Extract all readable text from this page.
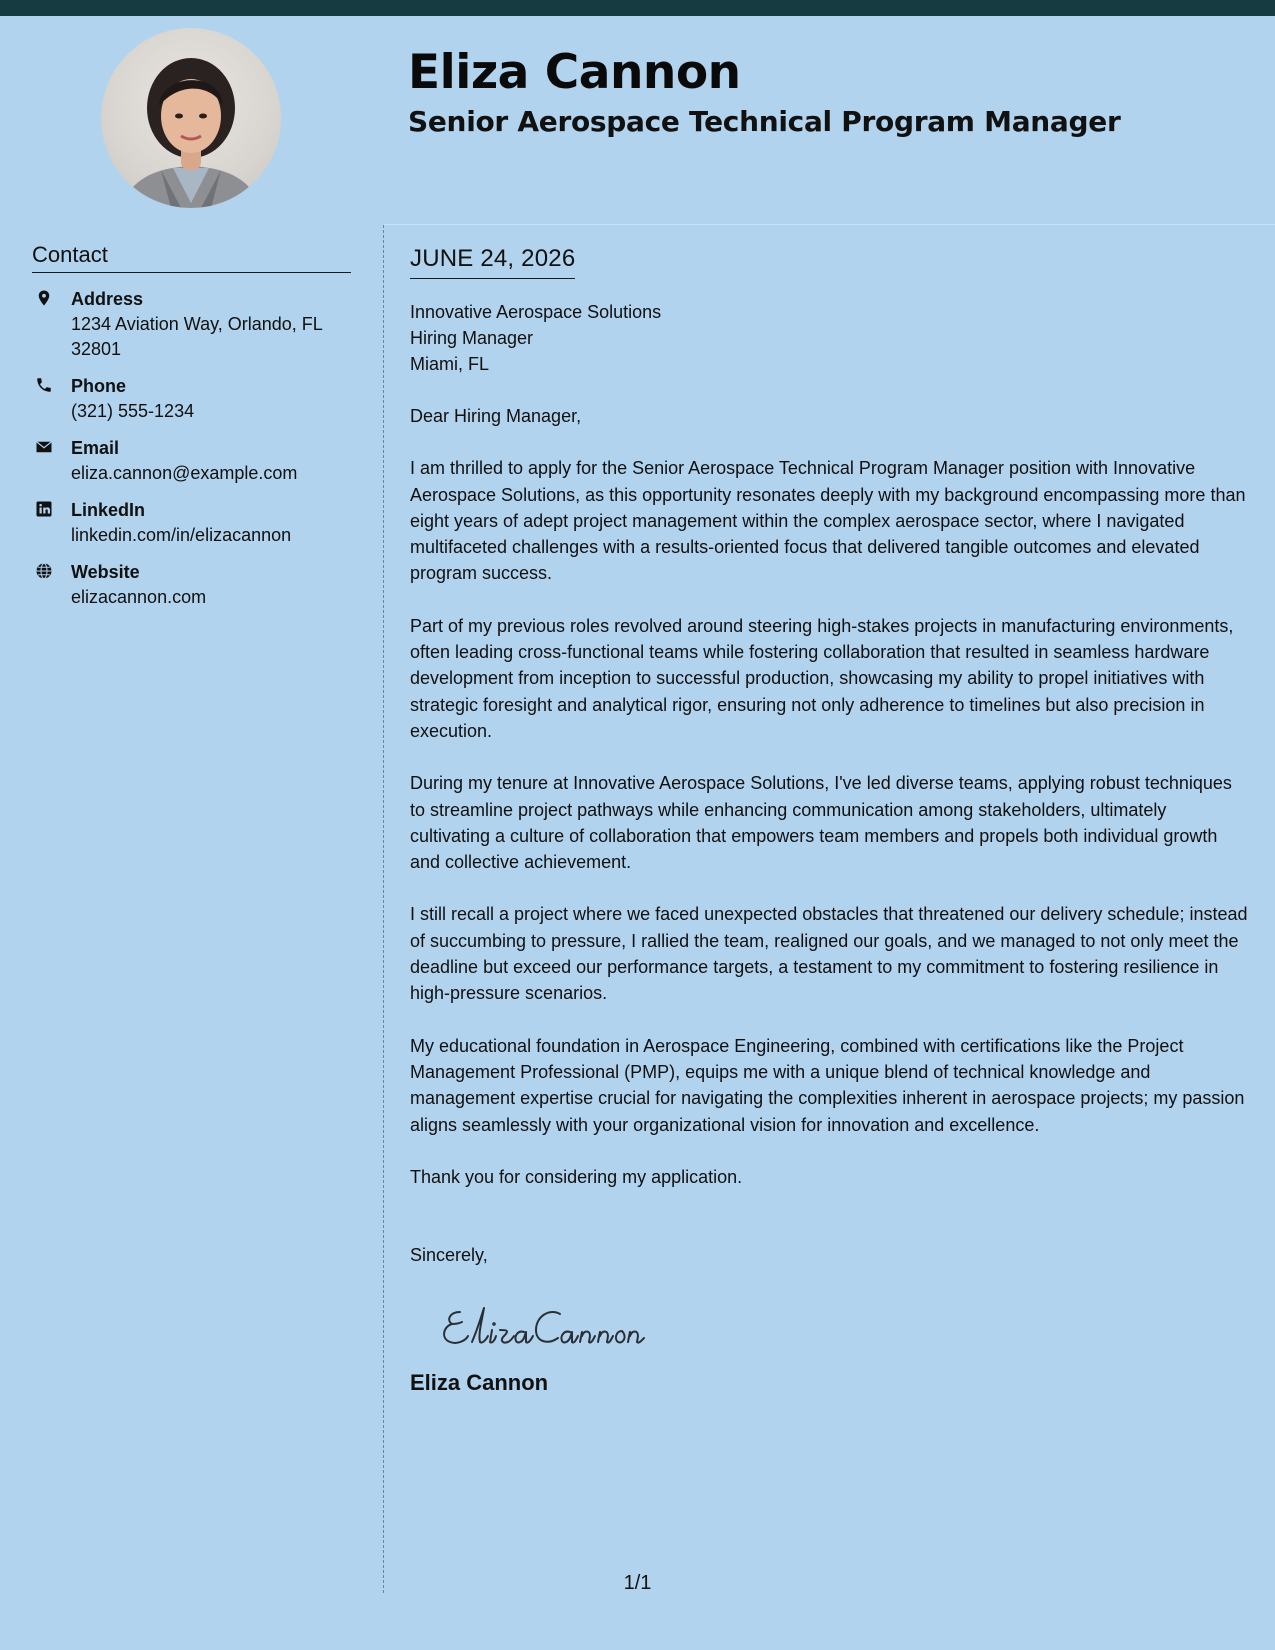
Eliza Cannon
Senior Aerospace Technical Program Manager
Contact
Address
1234 Aviation Way, Orlando, FL 32801
Phone
(321) 555-1234
Email
eliza.cannon@example.com
LinkedIn
linkedin.com/in/elizacannon
Website
elizacannon.com
JUNE 24, 2026
Innovative Aerospace Solutions
Hiring Manager
Miami, FL

Dear Hiring Manager,

I am thrilled to apply for the Senior Aerospace Technical Program Manager position with Innovative Aerospace Solutions, as this opportunity resonates deeply with my background encompassing more than eight years of adept project management within the complex aerospace sector, where I navigated multifaceted challenges with a results-oriented focus that delivered tangible outcomes and elevated program success.

Part of my previous roles revolved around steering high-stakes projects in manufacturing environments, often leading cross-functional teams while fostering collaboration that resulted in seamless hardware development from inception to successful production, showcasing my ability to propel initiatives with strategic foresight and analytical rigor, ensuring not only adherence to timelines but also precision in execution.

During my tenure at Innovative Aerospace Solutions, I've led diverse teams, applying robust techniques to streamline project pathways while enhancing communication among stakeholders, ultimately cultivating a culture of collaboration that empowers team members and propels both individual growth and collective achievement.

I still recall a project where we faced unexpected obstacles that threatened our delivery schedule; instead of succumbing to pressure, I rallied the team, realigned our goals, and we managed to not only meet the deadline but exceed our performance targets, a testament to my commitment to fostering resilience in high-pressure scenarios.

My educational foundation in Aerospace Engineering, combined with certifications like the Project Management Professional (PMP), equips me with a unique blend of technical knowledge and management expertise crucial for navigating the complexities inherent in aerospace projects; my passion aligns seamlessly with your organizational vision for innovation and excellence.

Thank you for considering my application.

Sincerely,
Eliza Cannon
1/1
